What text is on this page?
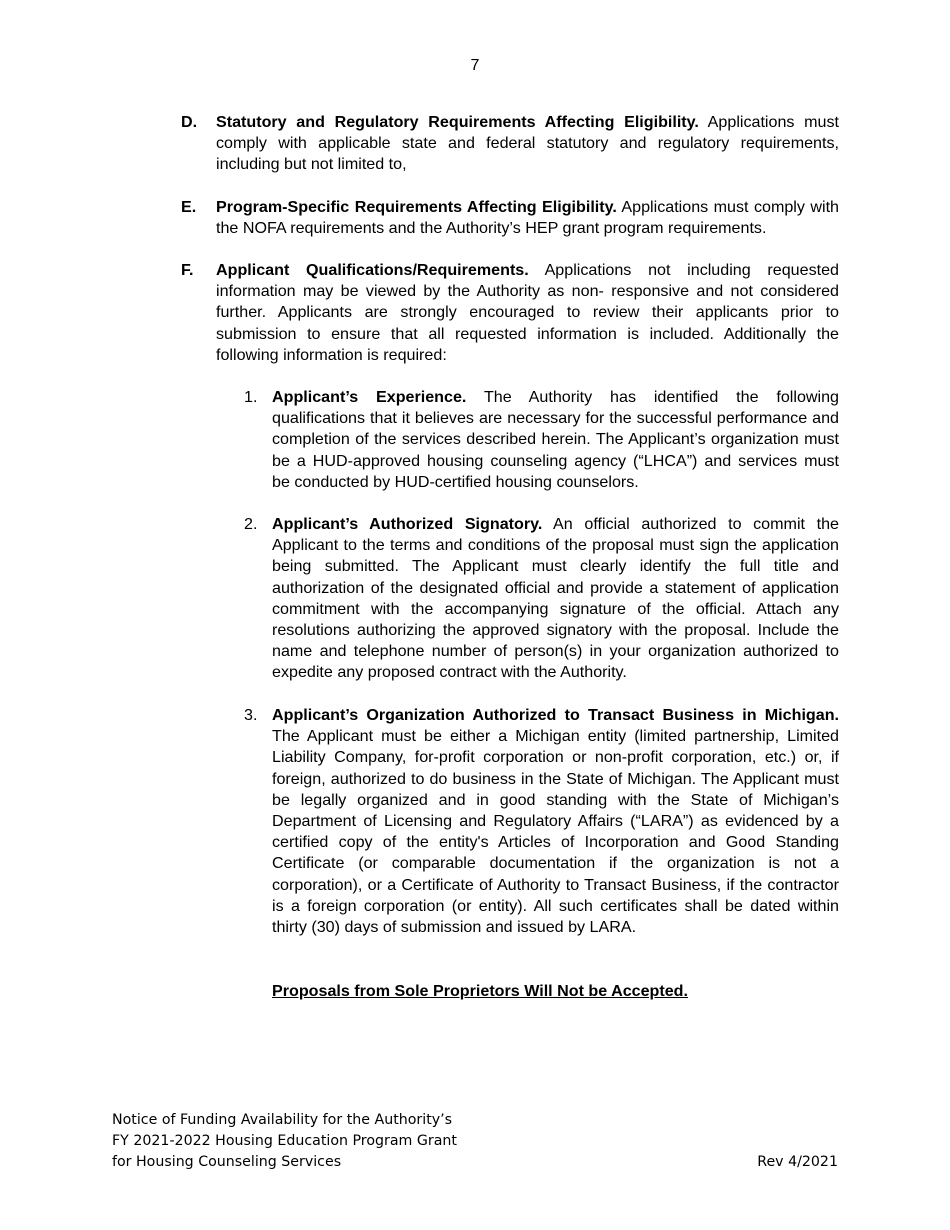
7
D. Statutory and Regulatory Requirements Affecting Eligibility. Applications must comply with applicable state and federal statutory and regulatory requirements, including but not limited to,
E. Program-Specific Requirements Affecting Eligibility. Applications must comply with the NOFA requirements and the Authority’s HEP grant program requirements.
F. Applicant Qualifications/Requirements. Applications not including requested information may be viewed by the Authority as non- responsive and not considered further. Applicants are strongly encouraged to review their applicants prior to submission to ensure that all requested information is included. Additionally the following information is required:
1. Applicant’s Experience. The Authority has identified the following qualifications that it believes are necessary for the successful performance and completion of the services described herein. The Applicant’s organization must be a HUD-approved housing counseling agency (“LHCA”) and services must be conducted by HUD-certified housing counselors.
2. Applicant’s Authorized Signatory. An official authorized to commit the Applicant to the terms and conditions of the proposal must sign the application being submitted. The Applicant must clearly identify the full title and authorization of the designated official and provide a statement of application commitment with the accompanying signature of the official. Attach any resolutions authorizing the approved signatory with the proposal. Include the name and telephone number of person(s) in your organization authorized to expedite any proposed contract with the Authority.
3. Applicant’s Organization Authorized to Transact Business in Michigan. The Applicant must be either a Michigan entity (limited partnership, Limited Liability Company, for-profit corporation or non-profit corporation, etc.) or, if foreign, authorized to do business in the State of Michigan. The Applicant must be legally organized and in good standing with the State of Michigan’s Department of Licensing and Regulatory Affairs (“LARA”) as evidenced by a certified copy of the entity's Articles of Incorporation and Good Standing Certificate (or comparable documentation if the organization is not a corporation), or a Certificate of Authority to Transact Business, if the contractor is a foreign corporation (or entity). All such certificates shall be dated within thirty (30) days of submission and issued by LARA.
Proposals from Sole Proprietors Will Not be Accepted.
Notice of Funding Availability for the Authority’s
FY 2021-2022 Housing Education Program Grant
for Housing Counseling Services	Rev 4/2021
